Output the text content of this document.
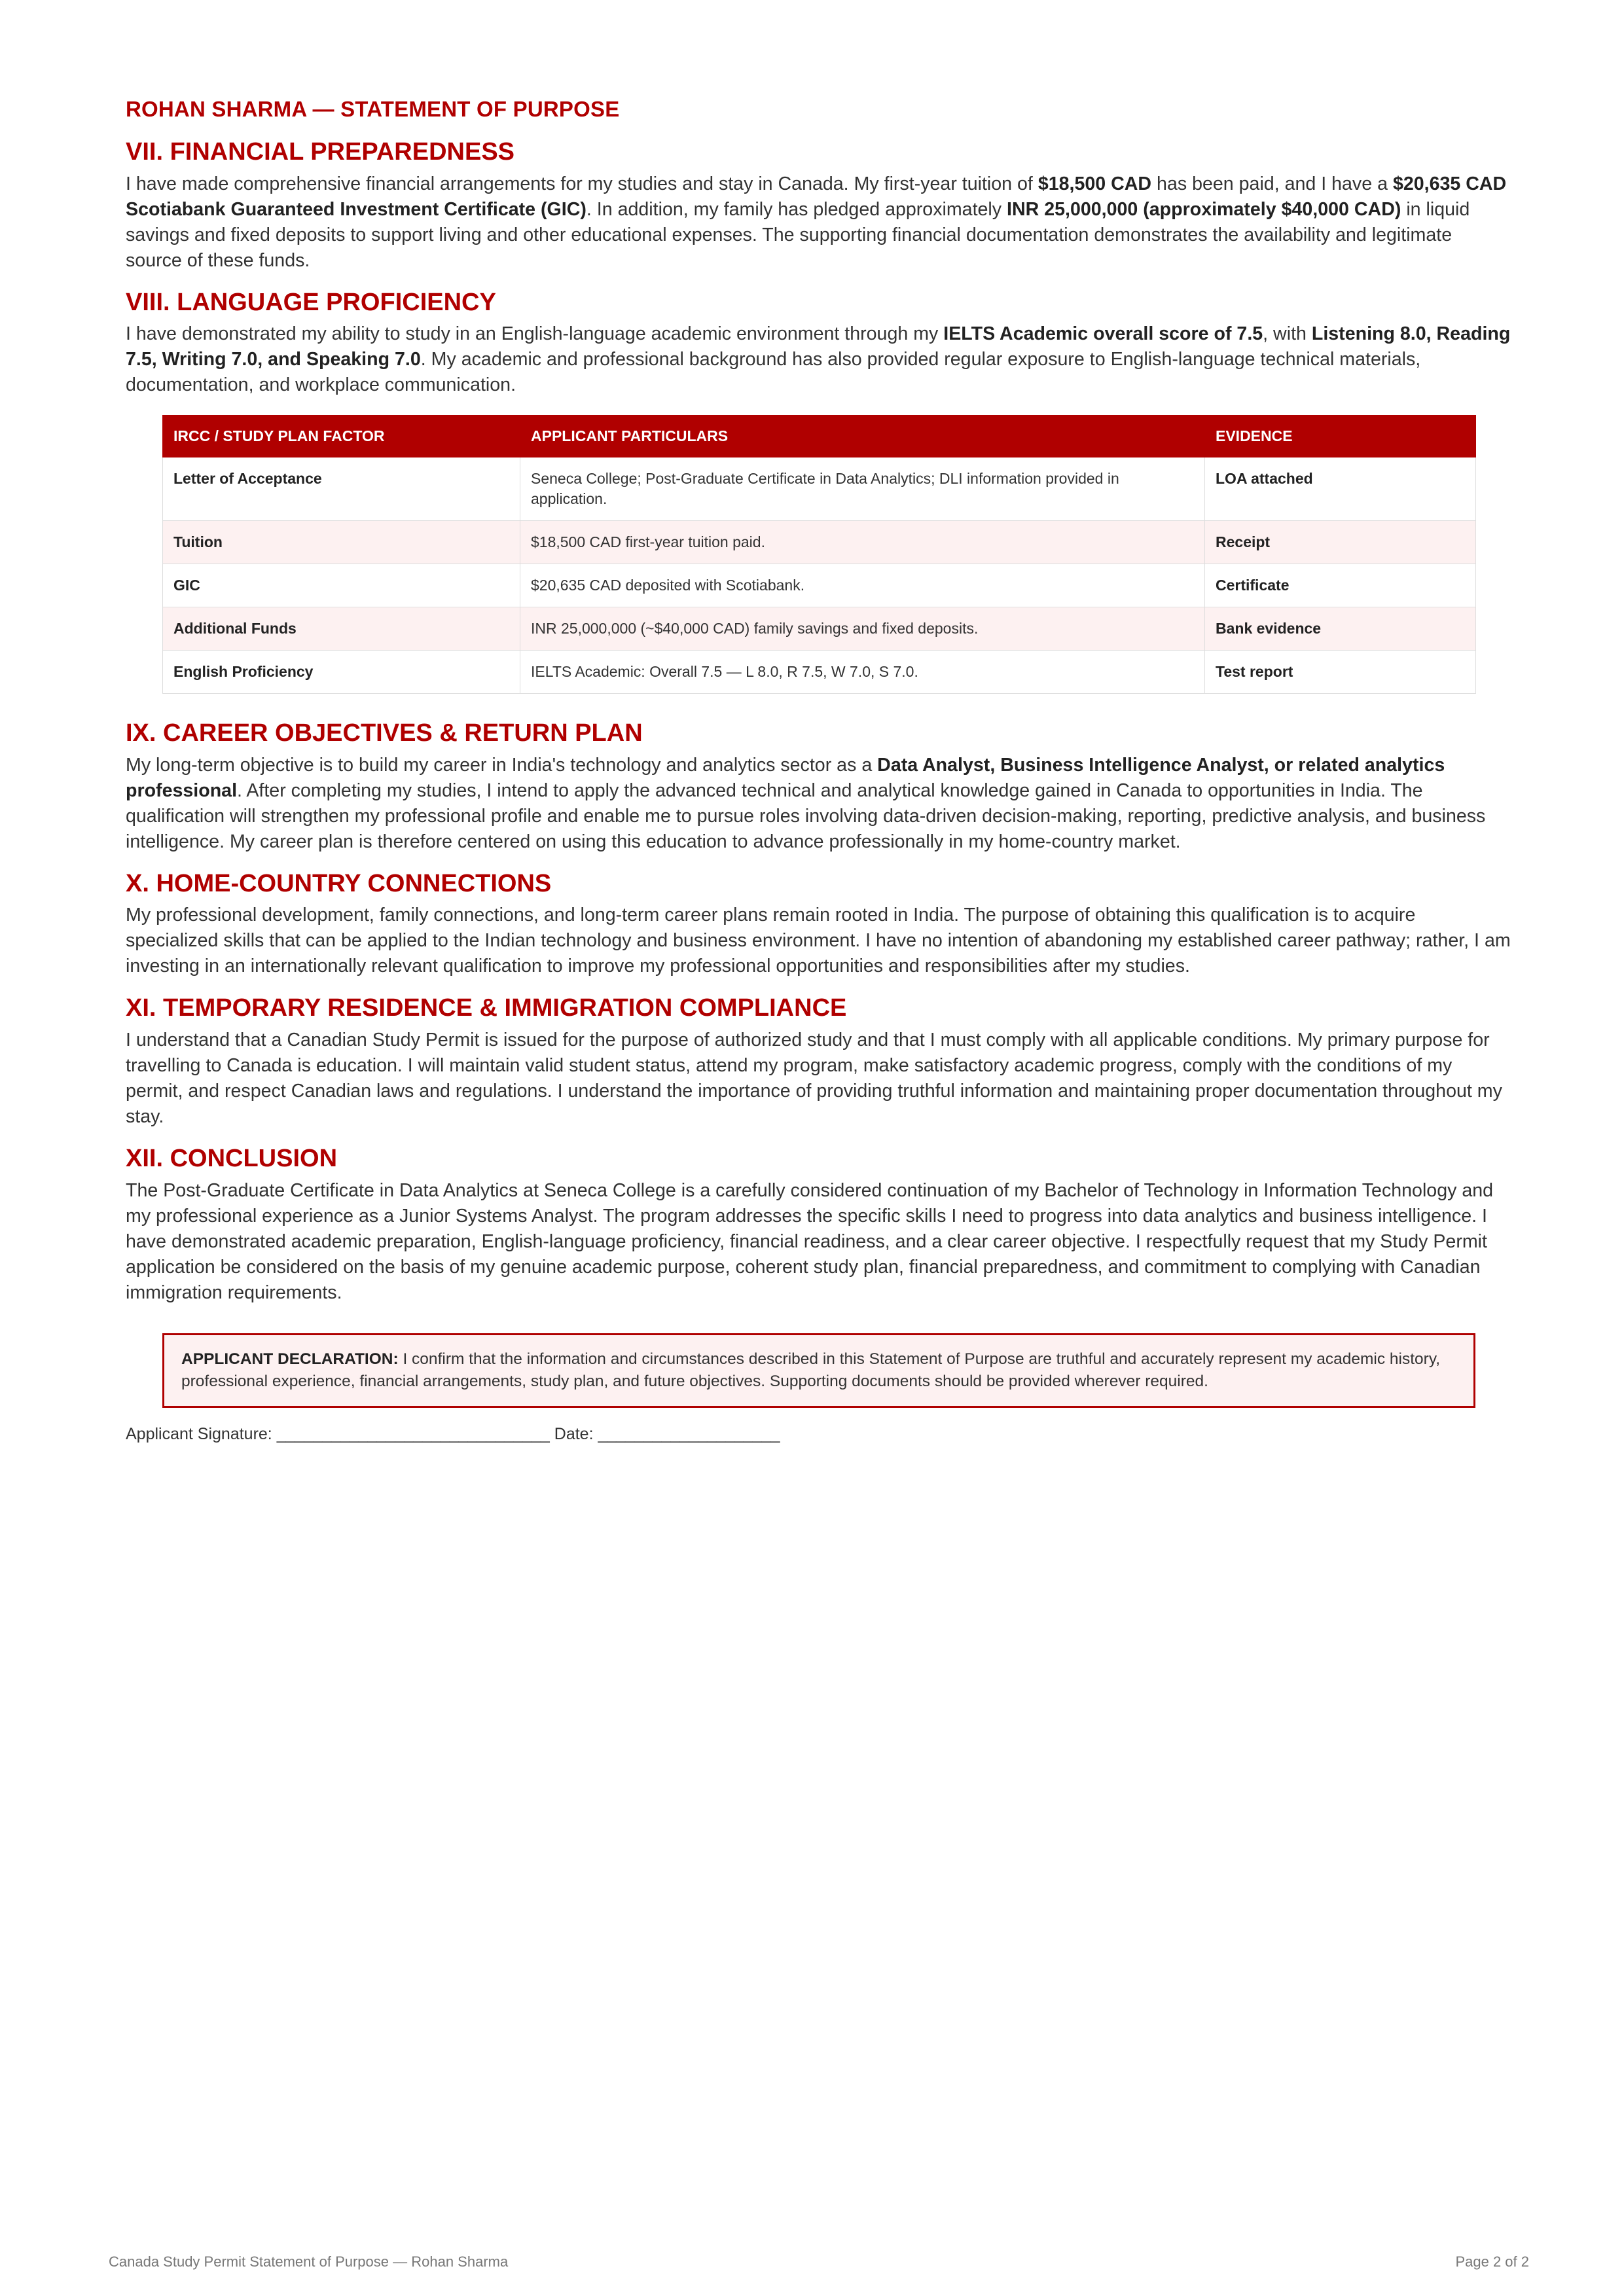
ROHAN SHARMA — STATEMENT OF PURPOSE
VII. FINANCIAL PREPAREDNESS

I have made comprehensive financial arrangements for my studies and stay in Canada. My first-year tuition of $18,500 CAD has been paid, and I have a $20,635 CAD Scotiabank Guaranteed Investment Certificate (GIC). In addition, my family has pledged approximately INR 25,000,000 (approximately $40,000 CAD) in liquid savings and fixed deposits to support living and other educational expenses. The supporting financial documentation demonstrates the availability and legitimate source of these funds.

VIII. LANGUAGE PROFICIENCY

I have demonstrated my ability to study in an English-language academic environment through my IELTS Academic overall score of 7.5, with Listening 8.0, Reading 7.5, Writing 7.0, and Speaking 7.0. My academic and professional background has also provided regular exposure to English-language technical materials, documentation, and workplace communication.

IRCC / STUDY PLAN FACTOR	APPLICANT PARTICULARS	EVIDENCE
Letter of Acceptance	Seneca College; Post-Graduate Certificate in Data Analytics; DLI information provided in application.	LOA attached
Tuition	$18,500 CAD first-year tuition paid.	Receipt
GIC	$20,635 CAD deposited with Scotiabank.	Certificate
Additional Funds	INR 25,000,000 (~$40,000 CAD) family savings and fixed deposits.	Bank evidence
English Proficiency	IELTS Academic: Overall 7.5 — L 8.0, R 7.5, W 7.0, S 7.0.	Test report
IX. CAREER OBJECTIVES & RETURN PLAN

My long-term objective is to build my career in India's technology and analytics sector as a Data Analyst, Business Intelligence Analyst, or related analytics professional. After completing my studies, I intend to apply the advanced technical and analytical knowledge gained in Canada to opportunities in India. The qualification will strengthen my professional profile and enable me to pursue roles involving data-driven decision-making, reporting, predictive analysis, and business intelligence. My career plan is therefore centered on using this education to advance professionally in my home-country market.

X. HOME-COUNTRY CONNECTIONS

My professional development, family connections, and long-term career plans remain rooted in India. The purpose of obtaining this qualification is to acquire specialized skills that can be applied to the Indian technology and business environment. I have no intention of abandoning my established career pathway; rather, I am investing in an internationally relevant qualification to improve my professional opportunities and responsibilities after my studies.

XI. TEMPORARY RESIDENCE & IMMIGRATION COMPLIANCE

I understand that a Canadian Study Permit is issued for the purpose of authorized study and that I must comply with all applicable conditions. My primary purpose for travelling to Canada is education. I will maintain valid student status, attend my program, make satisfactory academic progress, comply with the conditions of my permit, and respect Canadian laws and regulations. I understand the importance of providing truthful information and maintaining proper documentation throughout my stay.

XII. CONCLUSION

The Post-Graduate Certificate in Data Analytics at Seneca College is a carefully considered continuation of my Bachelor of Technology in Information Technology and my professional experience as a Junior Systems Analyst. The program addresses the specific skills I need to progress into data analytics and business intelligence. I have demonstrated academic preparation, English-language proficiency, financial readiness, and a clear career objective. I respectfully request that my Study Permit application be considered on the basis of my genuine academic purpose, coherent study plan, financial preparedness, and commitment to complying with Canadian immigration requirements.

APPLICANT DECLARATION: I confirm that the information and circumstances described in this Statement of Purpose are truthful and accurately represent my academic history, professional experience, financial arrangements, study plan, and future objectives. Supporting documents should be provided wherever required.
Applicant Signature: ______________________________ Date: ____________________
Canada Study Permit Statement of Purpose — Rohan Sharma	Page 2 of 2
